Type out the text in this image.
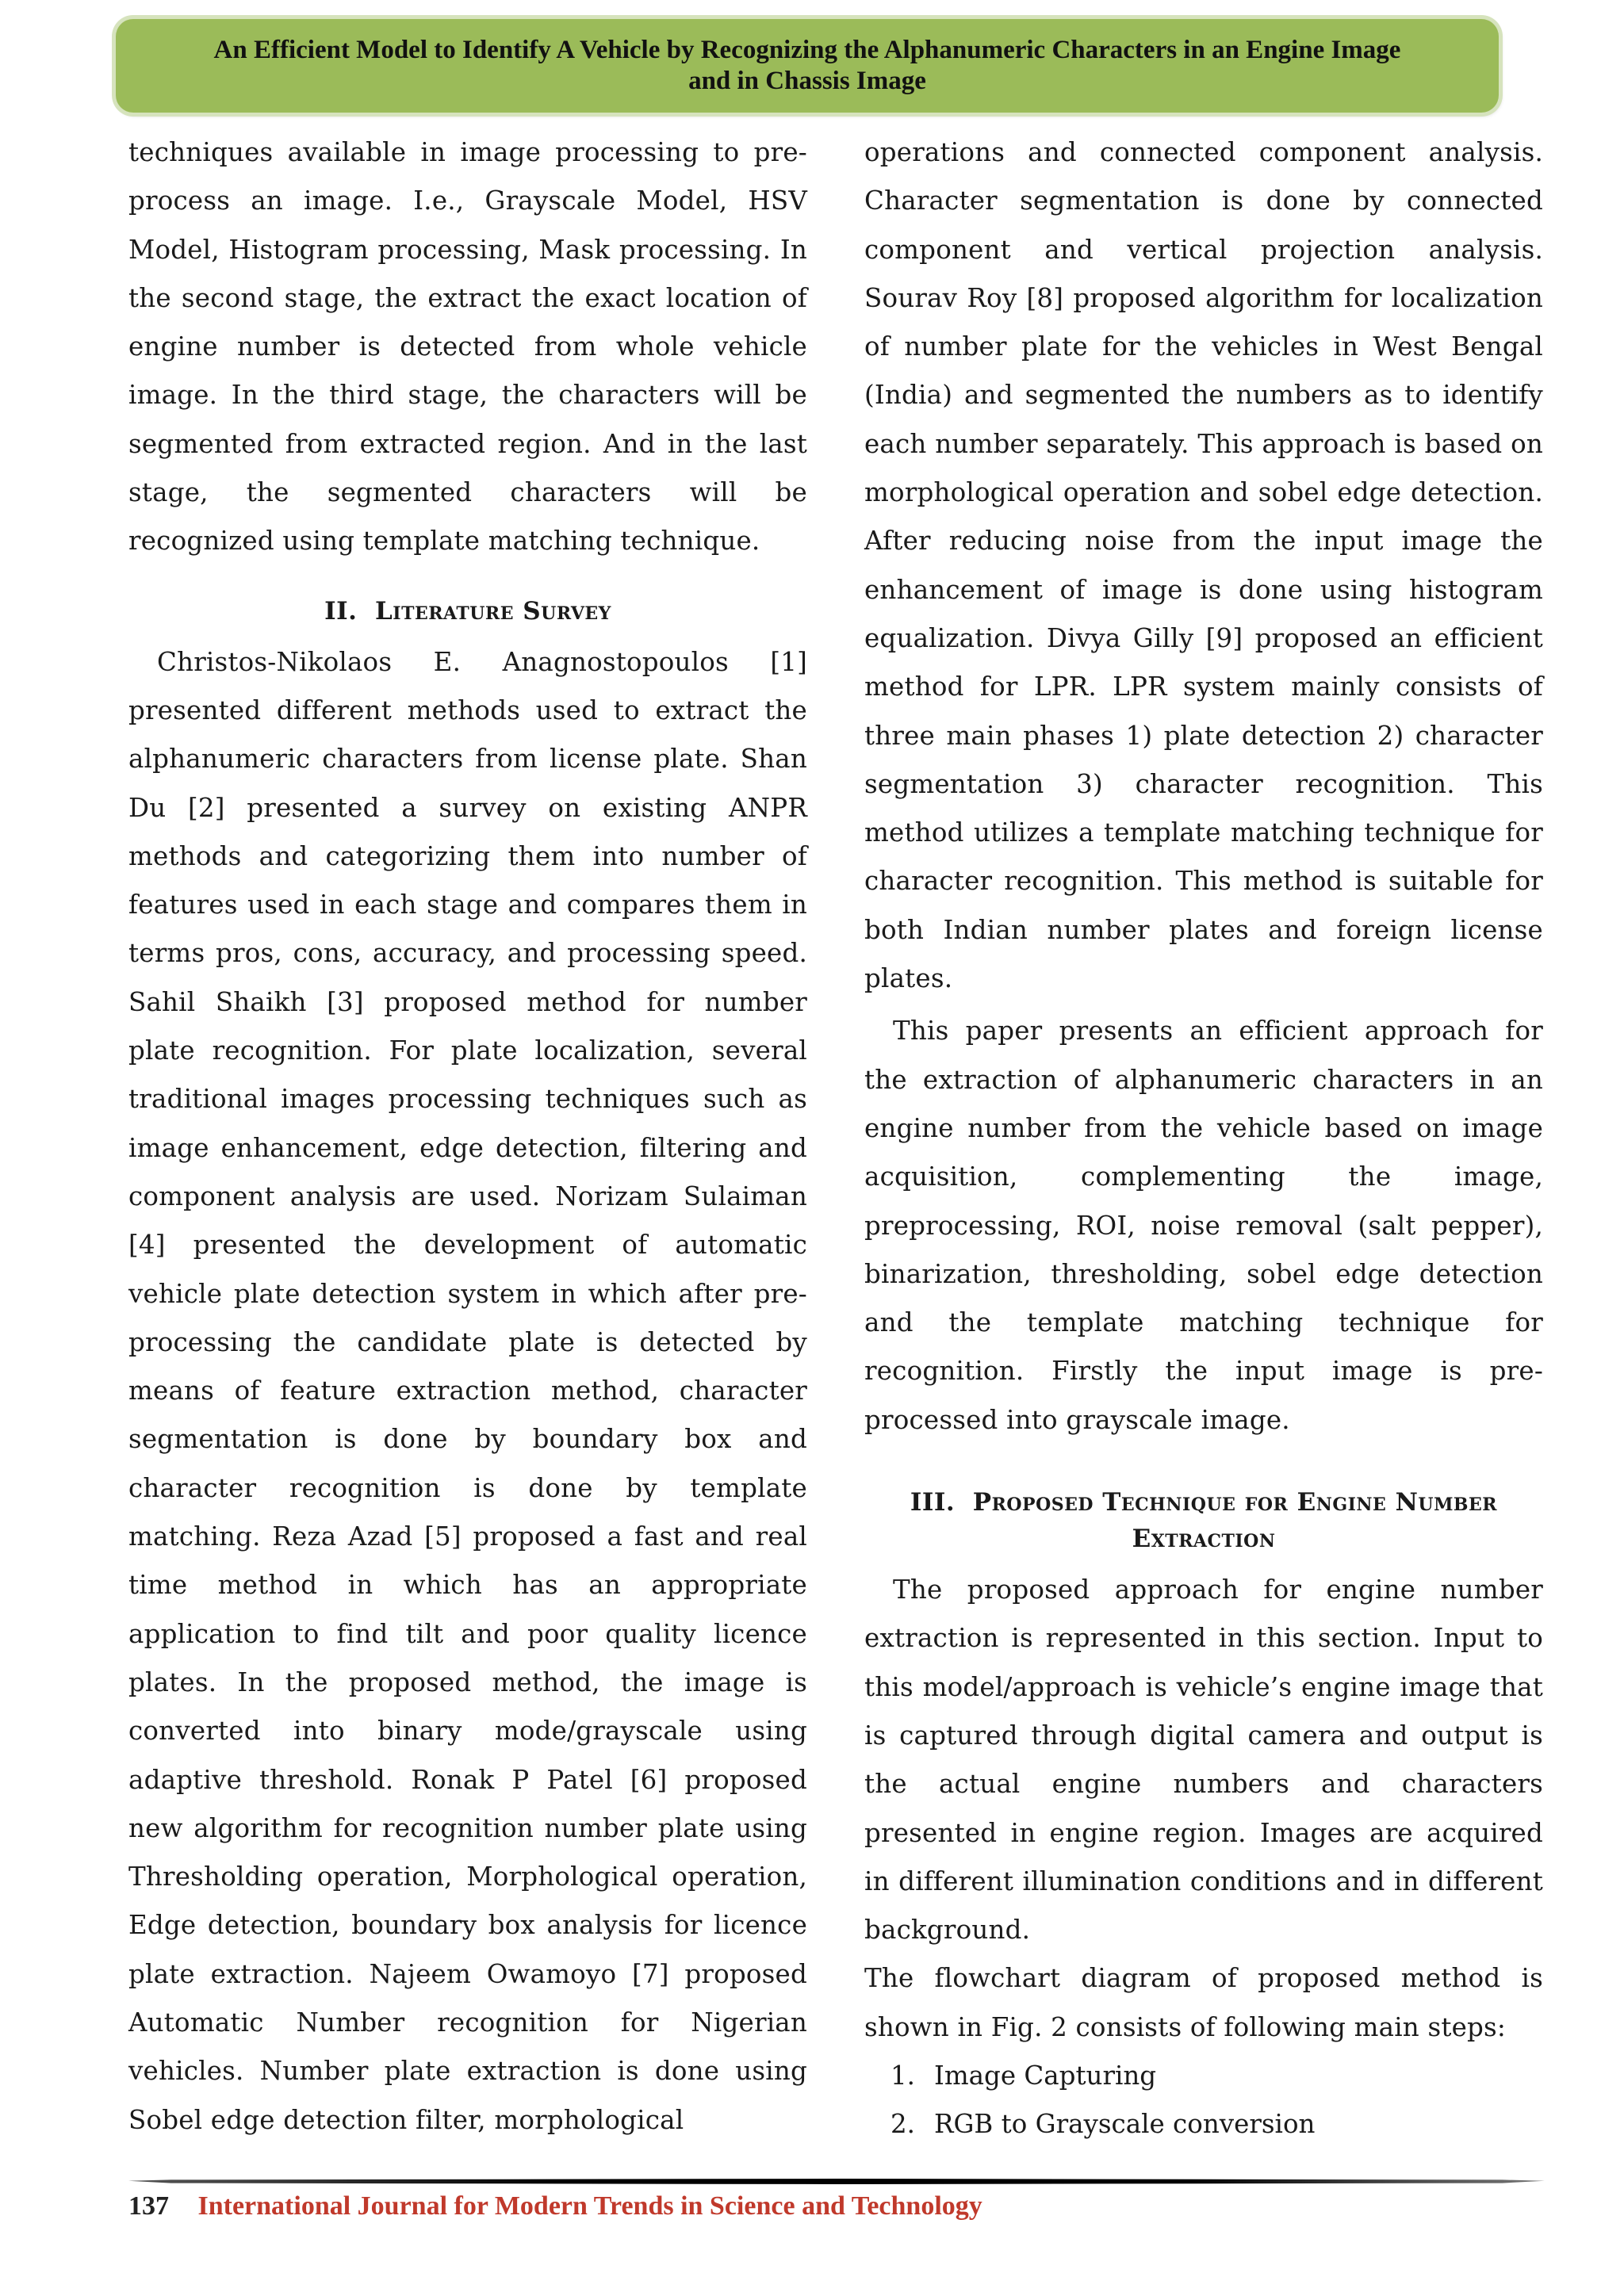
An Efficient Model to Identify A Vehicle by Recognizing the Alphanumeric Characters in an Engine Image
and in Chassis Image

techniques available in image processing to pre-process an image. I.e., Grayscale Model, HSV Model, Histogram processing, Mask processing. In the second stage, the extract the exact location of engine number is detected from whole vehicle image. In the third stage, the characters will be segmented from extracted region. And in the last stage, the segmented characters will be recognized using template matching technique.

II. Literature Survey

Christos-Nikolaos E. Anagnostopoulos [1] presented different methods used to extract the alphanumeric characters from license plate. Shan Du [2] presented a survey on existing ANPR methods and categorizing them into number of features used in each stage and compares them in terms pros, cons, accuracy, and processing speed. Sahil Shaikh [3] proposed method for number plate recognition. For plate localization, several traditional images processing techniques such as image enhancement, edge detection, filtering and component analysis are used. Norizam Sulaiman [4] presented the development of automatic vehicle plate detection system in which after pre-processing the candidate plate is detected by means of feature extraction method, character segmentation is done by boundary box and character recognition is done by template matching. Reza Azad [5] proposed a fast and real time method in which has an appropriate application to find tilt and poor quality licence plates. In the proposed method, the image is converted into binary mode/grayscale using adaptive threshold. Ronak P Patel [6] proposed new algorithm for recognition number plate using Thresholding operation, Morphological operation, Edge detection, boundary box analysis for licence plate extraction. Najeem Owamoyo [7] proposed Automatic Number recognition for Nigerian vehicles. Number plate extraction is done using Sobel edge detection filter, morphological

operations and connected component analysis. Character segmentation is done by connected component and vertical projection analysis. Sourav Roy [8] proposed algorithm for localization of number plate for the vehicles in West Bengal (India) and segmented the numbers as to identify each number separately. This approach is based on morphological operation and sobel edge detection. After reducing noise from the input image the enhancement of image is done using histogram equalization. Divya Gilly [9] proposed an efficient method for LPR. LPR system mainly consists of three main phases 1) plate detection 2) character segmentation 3) character recognition. This method utilizes a template matching technique for character recognition. This method is suitable for both Indian number plates and foreign license plates.

This paper presents an efficient approach for the extraction of alphanumeric characters in an engine number from the vehicle based on image acquisition, complementing the image, preprocessing, ROI, noise removal (salt pepper), binarization, thresholding, sobel edge detection and the template matching technique for recognition. Firstly the input image is pre-processed into grayscale image.

III. Proposed Technique for Engine Number
Extraction

The proposed approach for engine number extraction is represented in this section. Input to this model/approach is vehicle’s engine image that is captured through digital camera and output is the actual engine numbers and characters presented in engine region. Images are acquired in different illumination conditions and in different background.

The flowchart diagram of proposed method is shown in Fig. 2 consists of following main steps:

1. Image Capturing
2. RGB to Grayscale conversion
137 International Journal for Modern Trends in Science and Technology
